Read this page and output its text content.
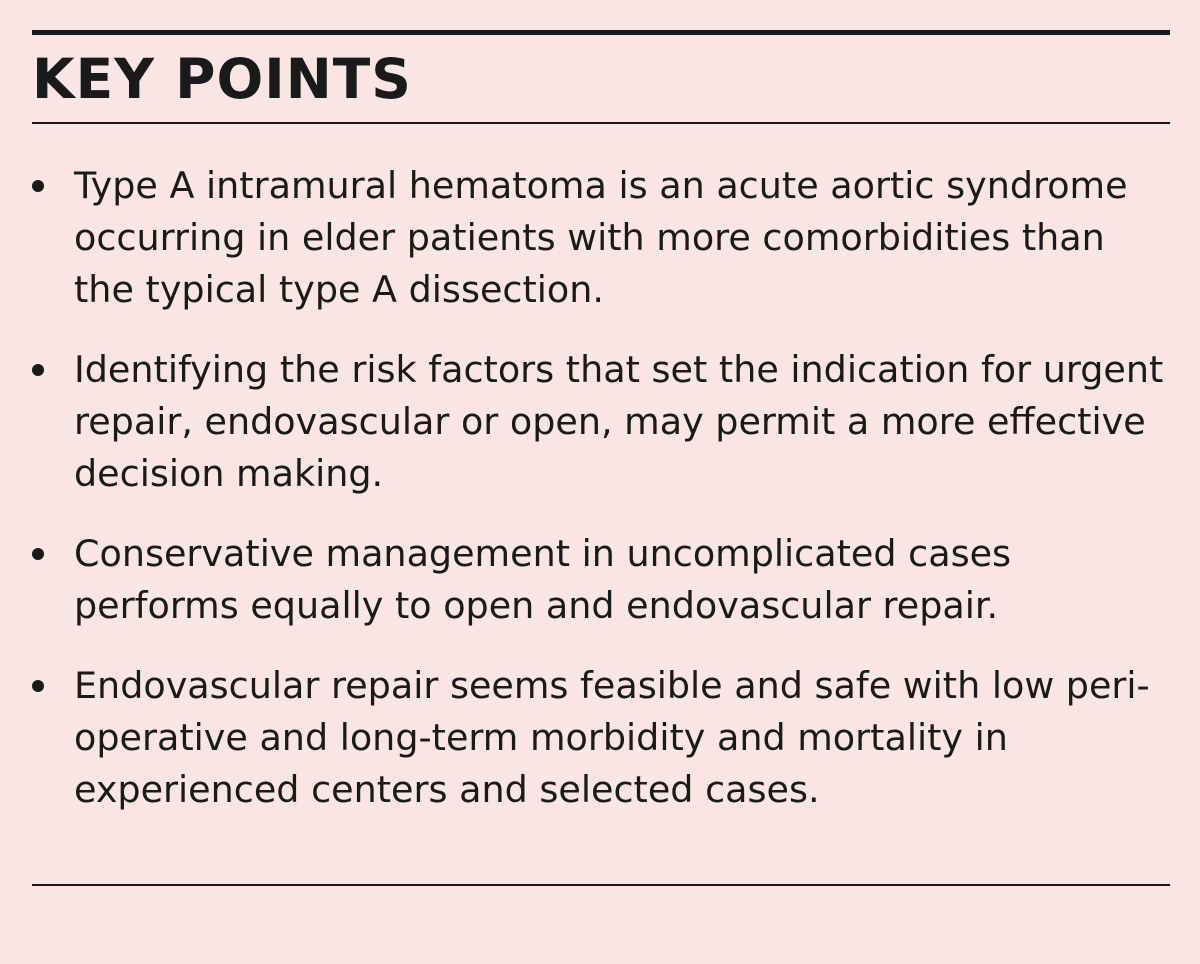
KEY POINTS
Type A intramural hematoma is an acute aortic syndrome occurring in elder patients with more comorbidities than the typical type A dissection.
Identifying the risk factors that set the indication for urgent repair, endovascular or open, may permit a more effective decision making.
Conservative management in uncomplicated cases performs equally to open and endovascular repair.
Endovascular repair seems feasible and safe with low peri-operative and long-term morbidity and mortality in experienced centers and selected cases.
